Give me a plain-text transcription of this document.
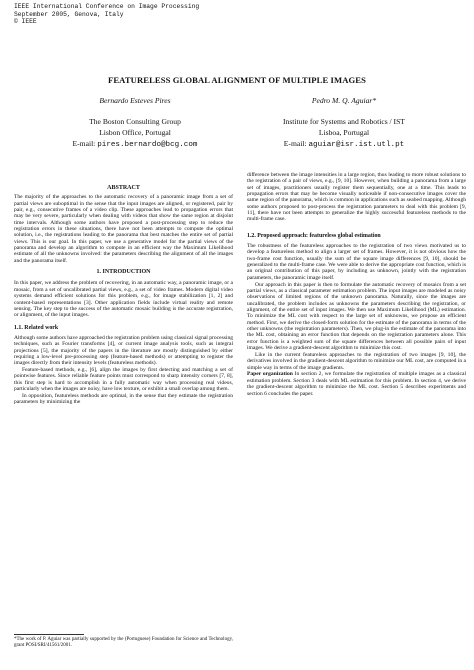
IEEE International Conference on Image Processing
September 2005, Genova, Italy
© IEEE
FEATURELESS GLOBAL ALIGNMENT OF MULTIPLE IMAGES
Bernardo Esteves Pires
The Boston Consulting Group
Lisbon Office, Portugal
E-mail: pires.bernardo@bcg.com
Pedro M. Q. Aguiar*
Institute for Systems and Robotics / IST
Lisboa, Portugal
E-mail: aguiar@isr.ist.utl.pt
ABSTRACT

The majority of the approaches to the automatic recovery of a panoramic image from a set of partial views are suboptimal in the sense that the input images are aligned, or registered, pair by pair, e.g., consecutive frames of a video clip. These approaches lead to propagation errors that may be very severe, particularly when dealing with videos that show the same region at disjoint time intervals. Although some authors have proposed a post-processing step to reduce the registration errors in these situations, there have not been attempts to compute the optimal solution, i.e., the registrations leading to the panorama that best matches the entire set of partial views. This is our goal. In this paper, we use a generative model for the partial views of the panorama and develop an algorithm to compute in an efficient way the Maximum Likelihood estimate of all the unknowns involved: the parameters describing the alignment of all the images and the panorama itself.

1. INTRODUCTION

In this paper, we address the problem of recovering, in an automatic way, a panoramic image, or a mosaic, from a set of uncalibrated partial views, e.g., a set of video frames. Modern digital video systems demand efficient solutions for this problem, e.g., for image stabilization [1, 2] and content-based representations [3]. Other application fields include virtual reality and remote sensing. The key step to the success of the automatic mosaic building is the accurate registration, or alignment, of the input images.

1.1. Related work

Although some authors have approached the registration problem using classical signal processing techniques, such as Fourier transforms [4], or current image analysis tools, such as integral projections [5], the majority of the papers in the literature are mostly distinguished by either requiring a low-level pre-processing step (feature-based methods) or attempting to register the images directly from their intensity levels (featureless methods).

Feature-based methods, e.g., [6], align the images by first detecting and matching a set of pointwise features. Since reliable feature points must correspond to sharp intensity corners [7, 8], this first step is hard to accomplish in a fully automatic way when processing real videos, particularly when the images are noisy, have low texture, or exhibit a small overlap among them.

In opposition, featureless methods are optimal, in the sense that they estimate the registration parameters by minimizing the

*The work of P. Aguiar was partially supported by the (Portuguese) Foundation for Science and Technology, grant POSI/SRI/41561/2001.

difference between the image intensities in a large region, thus leading to more robust solutions to the registration of a pair of views, e.g., [9, 10]. However, when building a panorama from a large set of images, practitioners usually register them sequentially, one at a time. This leads to propagation errors that may be become visually noticeable if non-consecutive images cover the same region of the panorama, which is common in applications such as seabed mapping. Although some authors proposed to post-process the registration parameters to deal with this problem [9, 11], there have not been attempts to generalize the highly successful featureless methods to the multi-frame case.

1.2. Proposed approach: featureless global estimation

The robustness of the featureless approaches to the registration of two views motivated us to develop a featureless method to align a larger set of frames. However, it is not obvious how the two-frame cost function, usually the sum of the square image differences [9, 10], should be generalized to the multi-frame case. We were able to derive the appropriate cost function, which is an original contribution of this paper, by including as unknown, jointly with the registration parameters, the panoramic image itself.

Our approach in this paper is then to formulate the automatic recovery of mosaics from a set partial views, as a classical parameter estimation problem. The input images are modeled as noisy observations of limited regions of the unknown panorama. Naturally, since the images are uncalibrated, the problem includes as unknowns the parameters describing the registration, or alignment, of the entire set of input images. We then use Maximum Likelihood (ML) estimation. To minimize the ML cost with respect to the large set of unknowns, we propose an efficient method. First, we derive the closed-form solution for the estimate of the panorama in terms of the other unknowns (the registration parameters). Then, we plug-in the estimate of the panorama into the ML cost, obtaining an error function that depends on the registration parameters alone. This error function is a weighted sum of the square differences between all possible pairs of input images. We derive a gradient-descent algorithm to minimize this cost.

Like in the current featureless approaches to the registration of two images [9, 10], the derivatives involved in the gradient-descent algorithm to minimize our ML cost, are computed in a simple way in terms of the image gradients.

Paper organization In section 2, we formulate the registration of multiple images as a classical estimation problem. Section 3 deals with ML estimation for this problem. In section 4, we derive the gradient-descent algorithm to minimize the ML cost. Section 5 describes experiments and section 6 concludes the paper.
